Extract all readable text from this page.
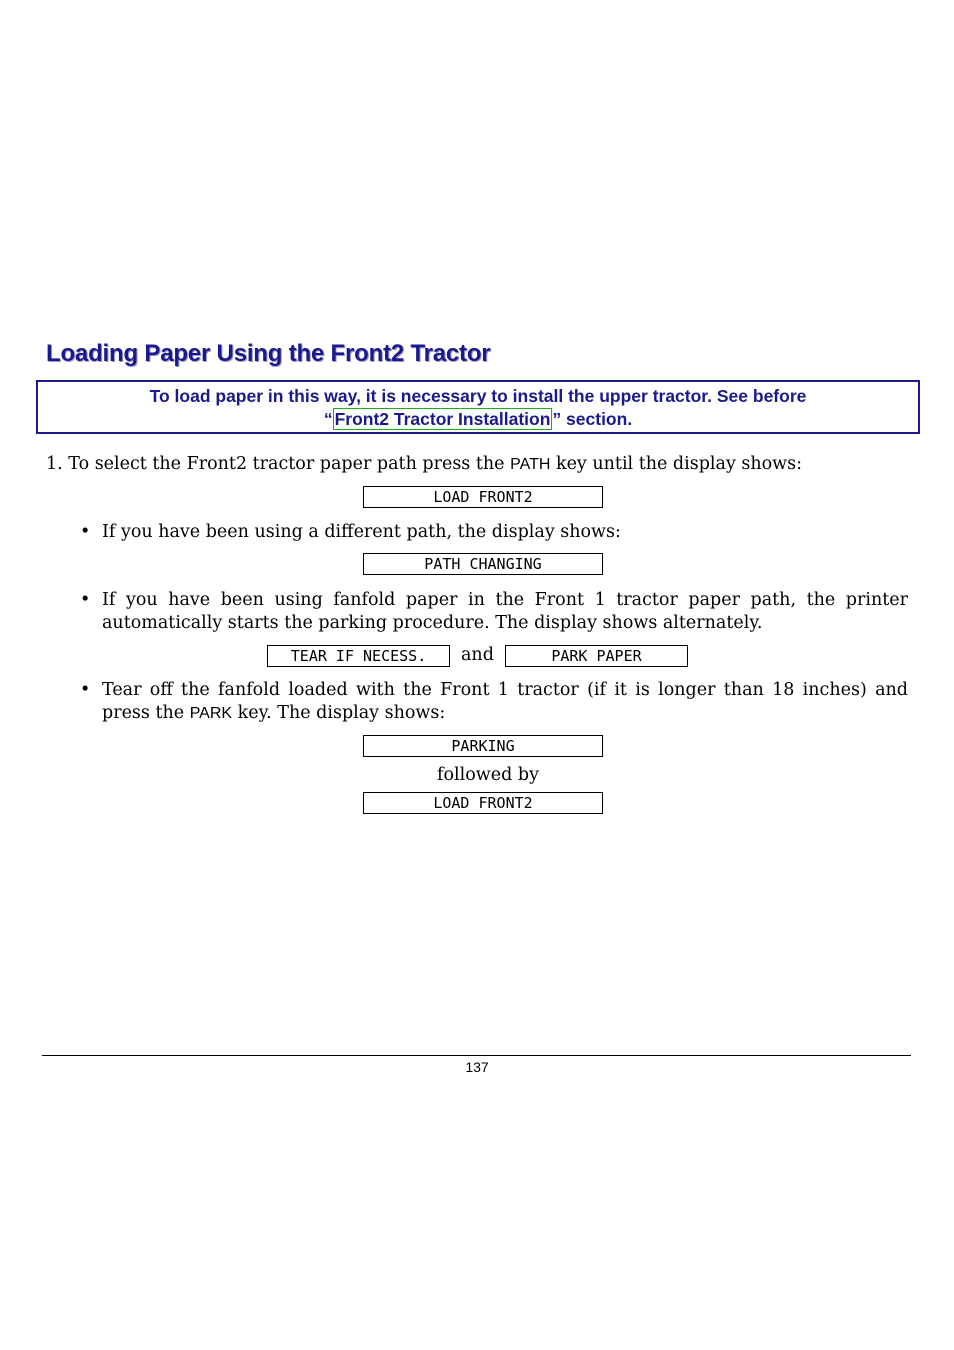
Loading Paper Using the Front2 Tractor
To load paper in this way, it is necessary to install the upper tractor. See before
“ Front2 Tractor Installation ” section.
1. To select the Front2 tractor paper path press the PATH key until the display shows:
LOAD FRONT2
• If you have been using a different path, the display shows:
PATH CHANGING
• If you have been using fanfold paper in the Front 1 tractor paper path, the printer automatically starts the parking procedure. The display shows alternately.
TEAR IF NECESS.	and	PARK PAPER
• Tear off the fanfold loaded with the Front 1 tractor (if it is longer than 18 inches) and press the PARK key. The display shows:
PARKING
followed by
LOAD FRONT2
137
